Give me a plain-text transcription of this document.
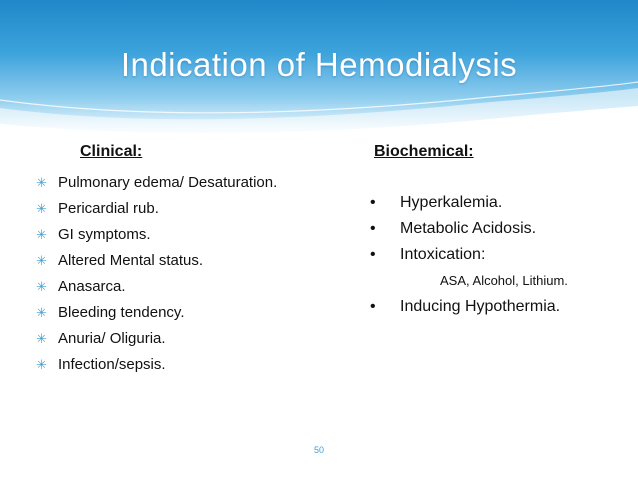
Indication of Hemodialysis
Clinical:	Biochemical:
✳ Pulmonary edema/ Desaturation.
✳ Pericardial rub.
✳ GI symptoms.
✳ Altered Mental status.
✳ Anasarca.
✳ Bleeding tendency.
✳ Anuria/ Oliguria.
✳ Infection/sepsis.
• Hyperkalemia.
• Metabolic Acidosis.
• Intoxication:
ASA, Alcohol, Lithium.
• Inducing Hypothermia.
50
